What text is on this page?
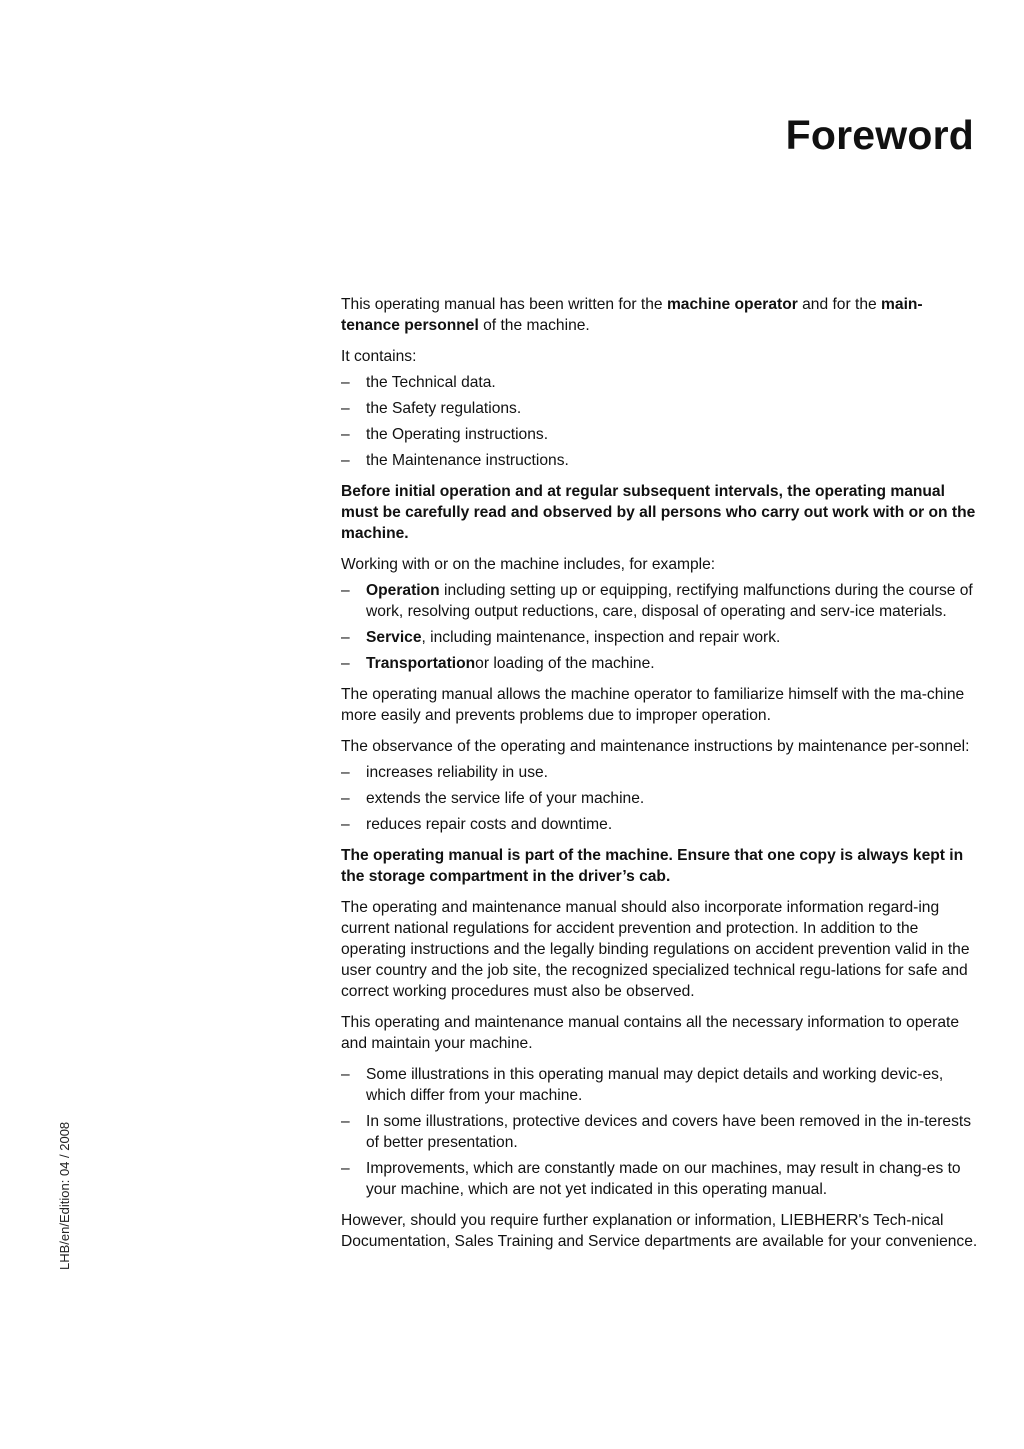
Foreword
LHB/en/Edition: 04 / 2008

This operating manual has been written for the machine operator and for the main-tenance personnel of the machine.

It contains:

– the Technical data.
– the Safety regulations.
– the Operating instructions.
– the Maintenance instructions.

Before initial operation and at regular subsequent intervals, the operating manual must be carefully read and observed by all persons who carry out work with or on the machine.

Working with or on the machine includes, for example:

– Operation including setting up or equipping, rectifying malfunctions during the course of work, resolving output reductions, care, disposal of operating and serv-ice materials.
– Service, including maintenance, inspection and repair work.
– Transportationor loading of the machine.

The operating manual allows the machine operator to familiarize himself with the ma-chine more easily and prevents problems due to improper operation.

The observance of the operating and maintenance instructions by maintenance per-sonnel:

– increases reliability in use.
– extends the service life of your machine.
– reduces repair costs and downtime.

The operating manual is part of the machine. Ensure that one copy is always kept in the storage compartment in the driver’s cab.

The operating and maintenance manual should also incorporate information regard-ing current national regulations for accident prevention and protection. In addition to the operating instructions and the legally binding regulations on accident prevention valid in the user country and the job site, the recognized specialized technical regu-lations for safe and correct working procedures must also be observed.

This operating and maintenance manual contains all the necessary information to operate and maintain your machine.

– Some illustrations in this operating manual may depict details and working devic-es, which differ from your machine.
– In some illustrations, protective devices and covers have been removed in the in-terests of better presentation.
– Improvements, which are constantly made on our machines, may result in chang-es to your machine, which are not yet indicated in this operating manual.

However, should you require further explanation or information, LIEBHERR's Tech-nical Documentation, Sales Training and Service departments are available for your convenience.
